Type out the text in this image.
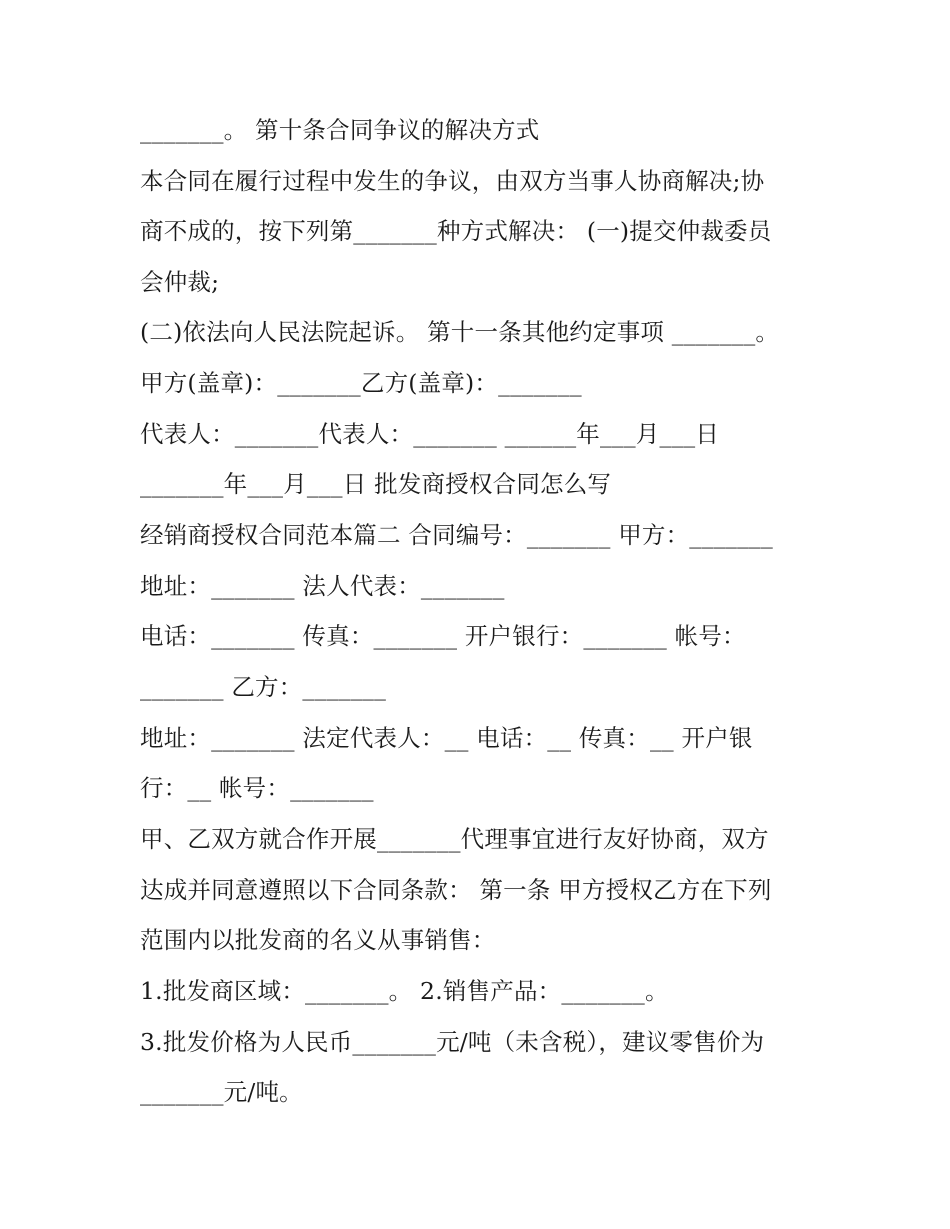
_______。 第十条合同争议的解决方式
本合同在履行过程中发生的争议，由双方当事人协商解决;协
商不成的，按下列第_______种方式解决： (一)提交仲裁委员
会仲裁;
(二)依法向人民法院起诉。 第十一条其他约定事项 _______。
甲方(盖章)：_______乙方(盖章)：_______
代表人：_______代表人：_______ ______年___月___日
_______年___月___日 批发商授权合同怎么写
经销商授权合同范本篇二 合同编号：_______ 甲方：_______
地址：_______ 法人代表：_______
电话：_______ 传真：_______ 开户银行：_______ 帐号：
_______ 乙方：_______
地址：_______ 法定代表人：__ 电话：__ 传真：__ 开户银
行：__ 帐号：_______
甲、乙双方就合作开展_______代理事宜进行友好协商，双方
达成并同意遵照以下合同条款： 第一条 甲方授权乙方在下列
范围内以批发商的名义从事销售：
1.批发商区域：_______。 2.销售产品：_______。
3.批发价格为人民币_______元/吨（未含税），建议零售价为
_______元/吨。
